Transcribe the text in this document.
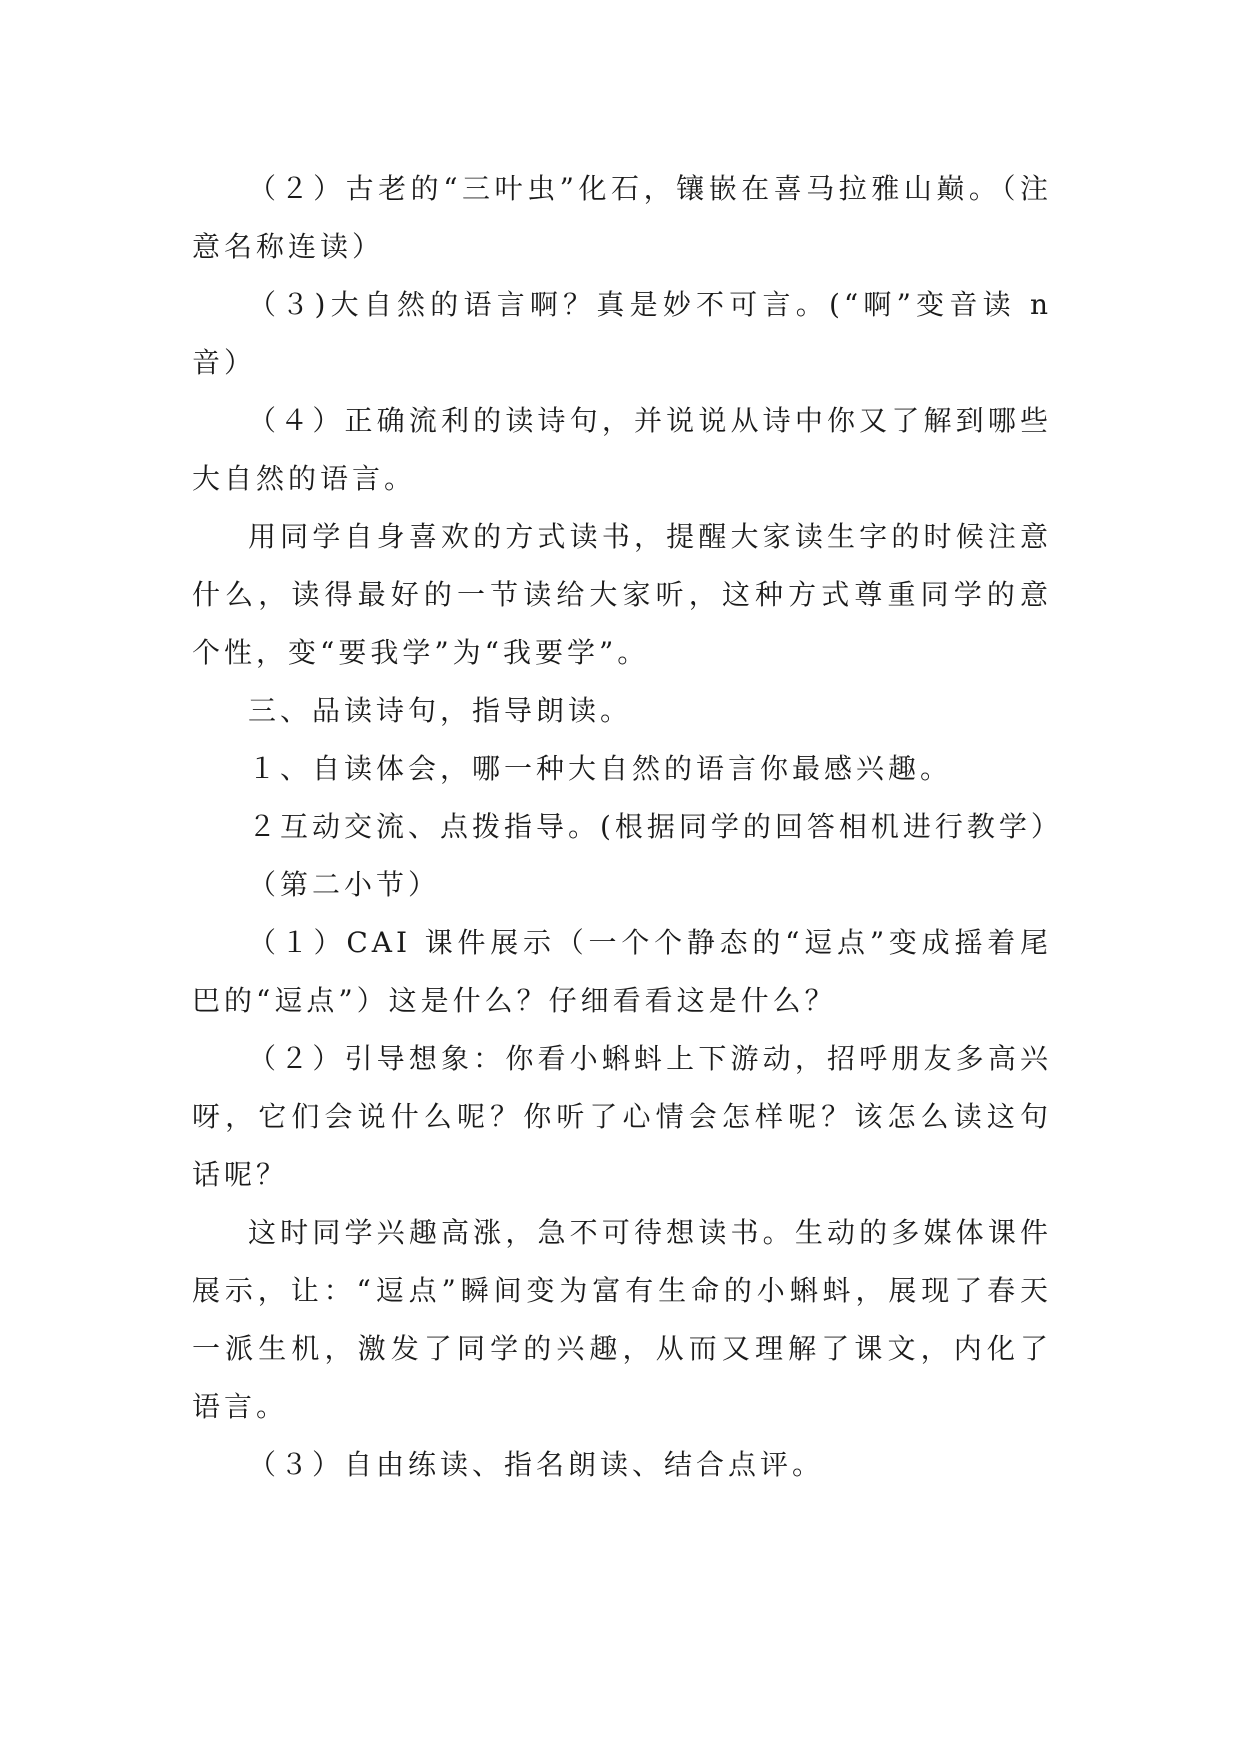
（２）古老的“三叶虫”化石，镶嵌在喜马拉雅山巅。（注意名称连读）

（３)大自然的语言啊？真是妙不可言。(“啊”变音读 n 音）

（４）正确流利的读诗句，并说说从诗中你又了解到哪些大自然的语言。

用同学自身喜欢的方式读书，提醒大家读生字的时候注意什么，读得最好的一节读给大家听，这种方式尊重同学的意个性，变“要我学”为“我要学”。

三、品读诗句，指导朗读。

１、自读体会，哪一种大自然的语言你最感兴趣。

２互动交流、点拨指导。(根据同学的回答相机进行教学）

（第二小节）

（１）CAI 课件展示（一个个静态的“逗点”变成摇着尾巴的“逗点”）这是什么？仔细看看这是什么？

（２）引导想象：你看小蝌蚪上下游动，招呼朋友多高兴呀，它们会说什么呢？你听了心情会怎样呢？该怎么读这句话呢？

这时同学兴趣高涨，急不可待想读书。生动的多媒体课件展示，让：“逗点”瞬间变为富有生命的小蝌蚪，展现了春天一派生机，激发了同学的兴趣，从而又理解了课文，内化了语言。

（３）自由练读、指名朗读、结合点评。
